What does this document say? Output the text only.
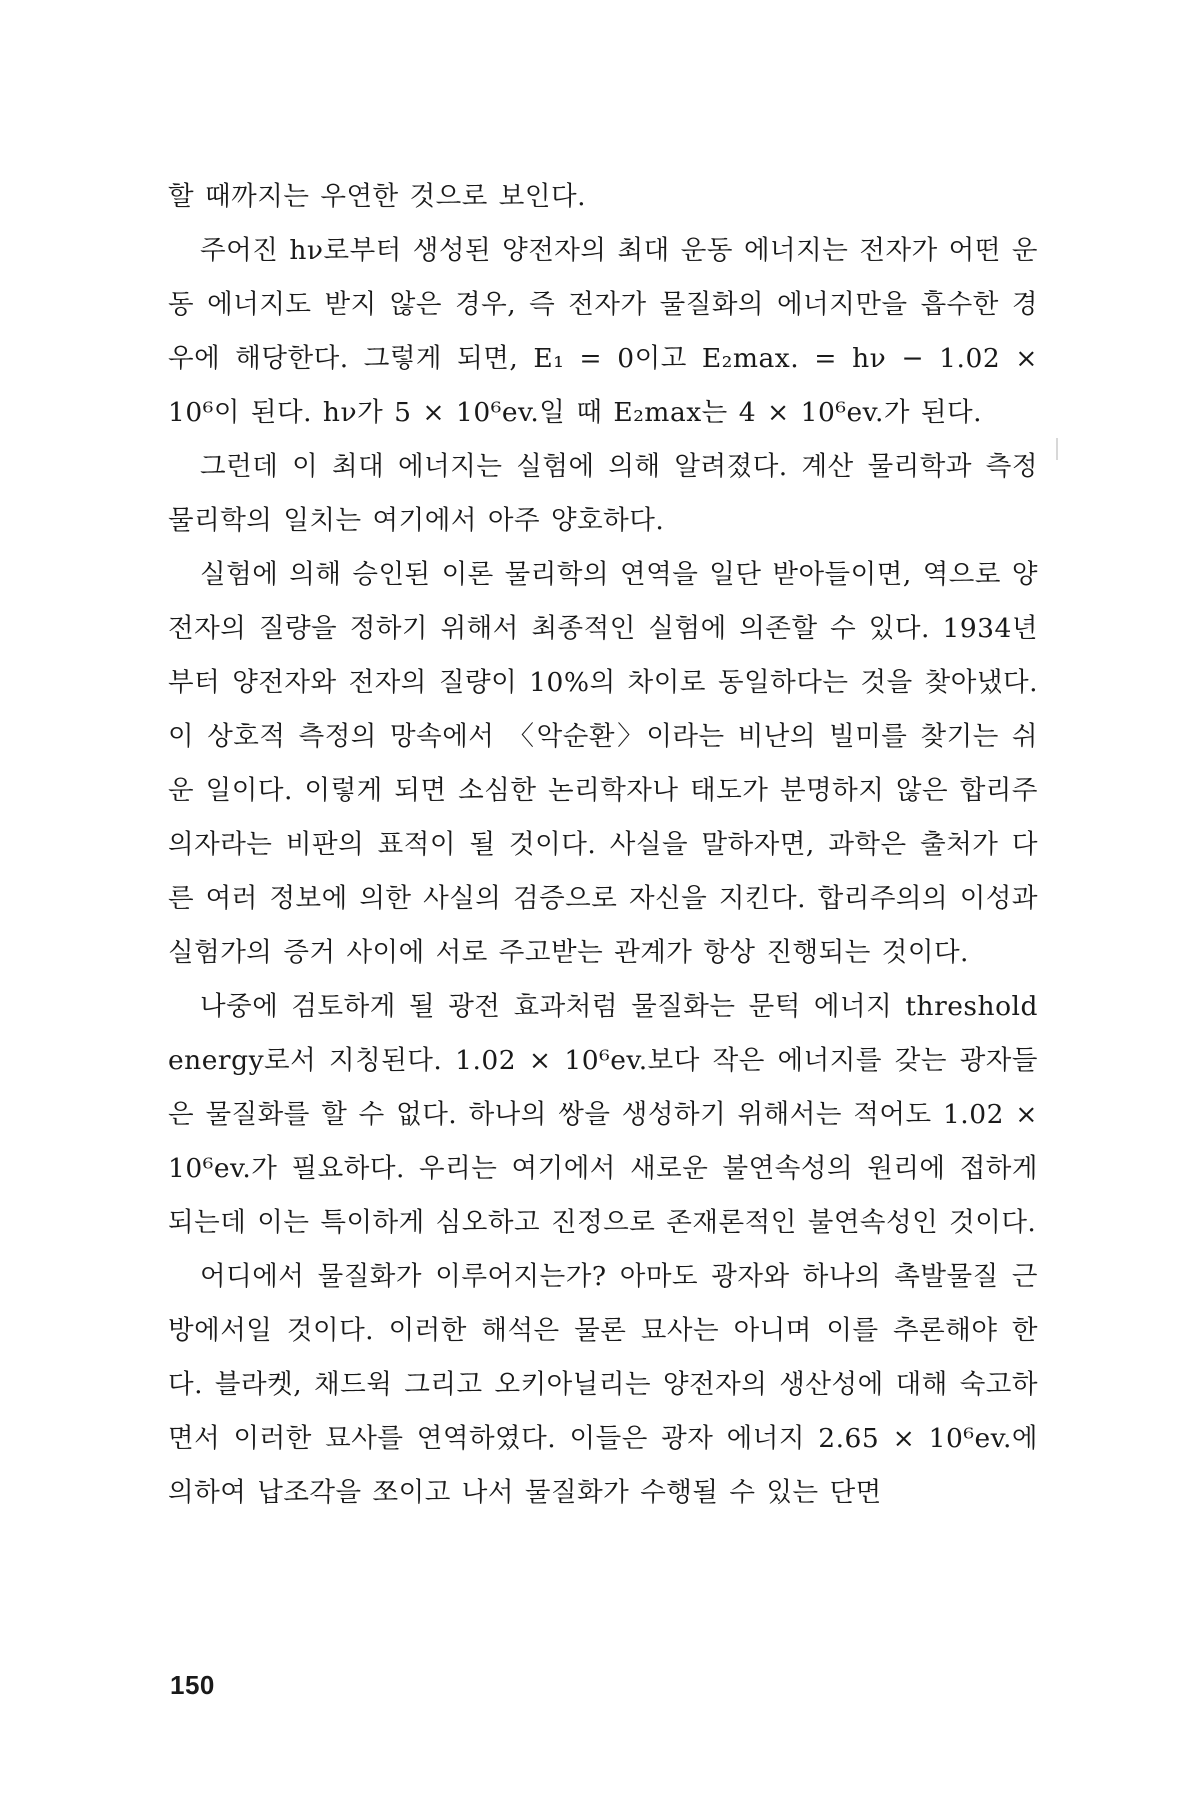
할 때까지는 우연한 것으로 보인다.

주어진 hν로부터 생성된 양전자의 최대 운동 에너지는 전자가 어떤 운동 에너지도 받지 않은 경우, 즉 전자가 물질화의 에너지만을 흡수한 경우에 해당한다. 그렇게 되면, E₁ = 0이고 E₂max. = hν − 1.02 × 10⁶이 된다. hν가 5 × 10⁶ev.일 때 E₂max는 4 × 10⁶ev.가 된다.

그런데 이 최대 에너지는 실험에 의해 알려졌다. 계산 물리학과 측정 물리학의 일치는 여기에서 아주 양호하다.

실험에 의해 승인된 이론 물리학의 연역을 일단 받아들이면, 역으로 양전자의 질량을 정하기 위해서 최종적인 실험에 의존할 수 있다. 1934년부터 양전자와 전자의 질량이 10%의 차이로 동일하다는 것을 찾아냈다. 이 상호적 측정의 망속에서 〈악순환〉이라는 비난의 빌미를 찾기는 쉬운 일이다. 이렇게 되면 소심한 논리학자나 태도가 분명하지 않은 합리주의자라는 비판의 표적이 될 것이다. 사실을 말하자면, 과학은 출처가 다른 여러 정보에 의한 사실의 검증으로 자신을 지킨다. 합리주의의 이성과 실험가의 증거 사이에 서로 주고받는 관계가 항상 진행되는 것이다.

나중에 검토하게 될 광전 효과처럼 물질화는 문턱 에너지 threshold energy로서 지칭된다. 1.02 × 10⁶ev.보다 작은 에너지를 갖는 광자들은 물질화를 할 수 없다. 하나의 쌍을 생성하기 위해서는 적어도 1.02 × 10⁶ev.가 필요하다. 우리는 여기에서 새로운 불연속성의 원리에 접하게 되는데 이는 특이하게 심오하고 진정으로 존재론적인 불연속성인 것이다.

어디에서 물질화가 이루어지는가? 아마도 광자와 하나의 촉발물질 근방에서일 것이다. 이러한 해석은 물론 묘사는 아니며 이를 추론해야 한다. 블라켓, 채드윅 그리고 오키아닐리는 양전자의 생산성에 대해 숙고하면서 이러한 묘사를 연역하였다. 이들은 광자 에너지 2.65 × 10⁶ev.에 의하여 납조각을 쪼이고 나서 물질화가 수행될 수 있는 단면

150
